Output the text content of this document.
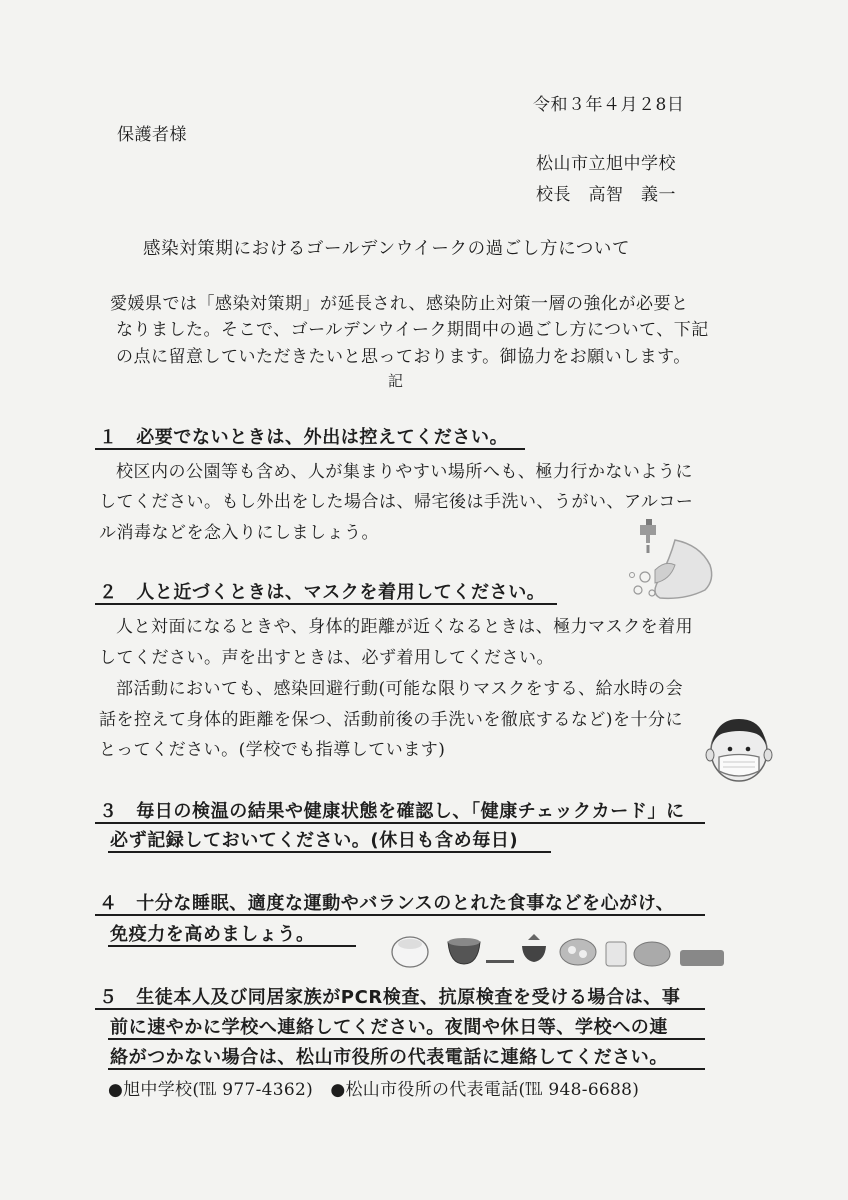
令和３年４月２8日
保護者様
松山市立旭中学校
校長　高智　義一
感染対策期におけるゴールデンウイークの過ごし方について
愛媛県では「感染対策期」が延長され、感染防止対策一層の強化が必要と
なりました。そこで、ゴールデンウイーク期間中の過ごし方について、下記
の点に留意していただきたいと思っております。御協力をお願いします。
記
１　必要でないときは、外出は控えてください。
校区内の公園等も含め、人が集まりやすい場所へも、極力行かないように
してください。もし外出をした場合は、帰宅後は手洗い、うがい、アルコー
ル消毒などを念入りにしましょう。
２　人と近づくときは、マスクを着用してください。
人と対面になるときや、身体的距離が近くなるときは、極力マスクを着用
してください。声を出すときは、必ず着用してください。
部活動においても、感染回避行動(可能な限りマスクをする、給水時の会
話を控えて身体的距離を保つ、活動前後の手洗いを徹底するなど)を十分に
とってください。(学校でも指導しています)
３　毎日の検温の結果や健康状態を確認し、「健康チェックカード」に
必ず記録しておいてください。(休日も含め毎日)
４　十分な睡眠、適度な運動やバランスのとれた食事などを心がけ、
免疫力を高めましょう。
５　生徒本人及び同居家族がPCR検査、抗原検査を受ける場合は、事
前に速やかに学校へ連絡してください。夜間や休日等、学校への連
絡がつかない場合は、松山市役所の代表電話に連絡してください。
●旭中学校(℡ 977-4362)　●松山市役所の代表電話(℡ 948-6688)
